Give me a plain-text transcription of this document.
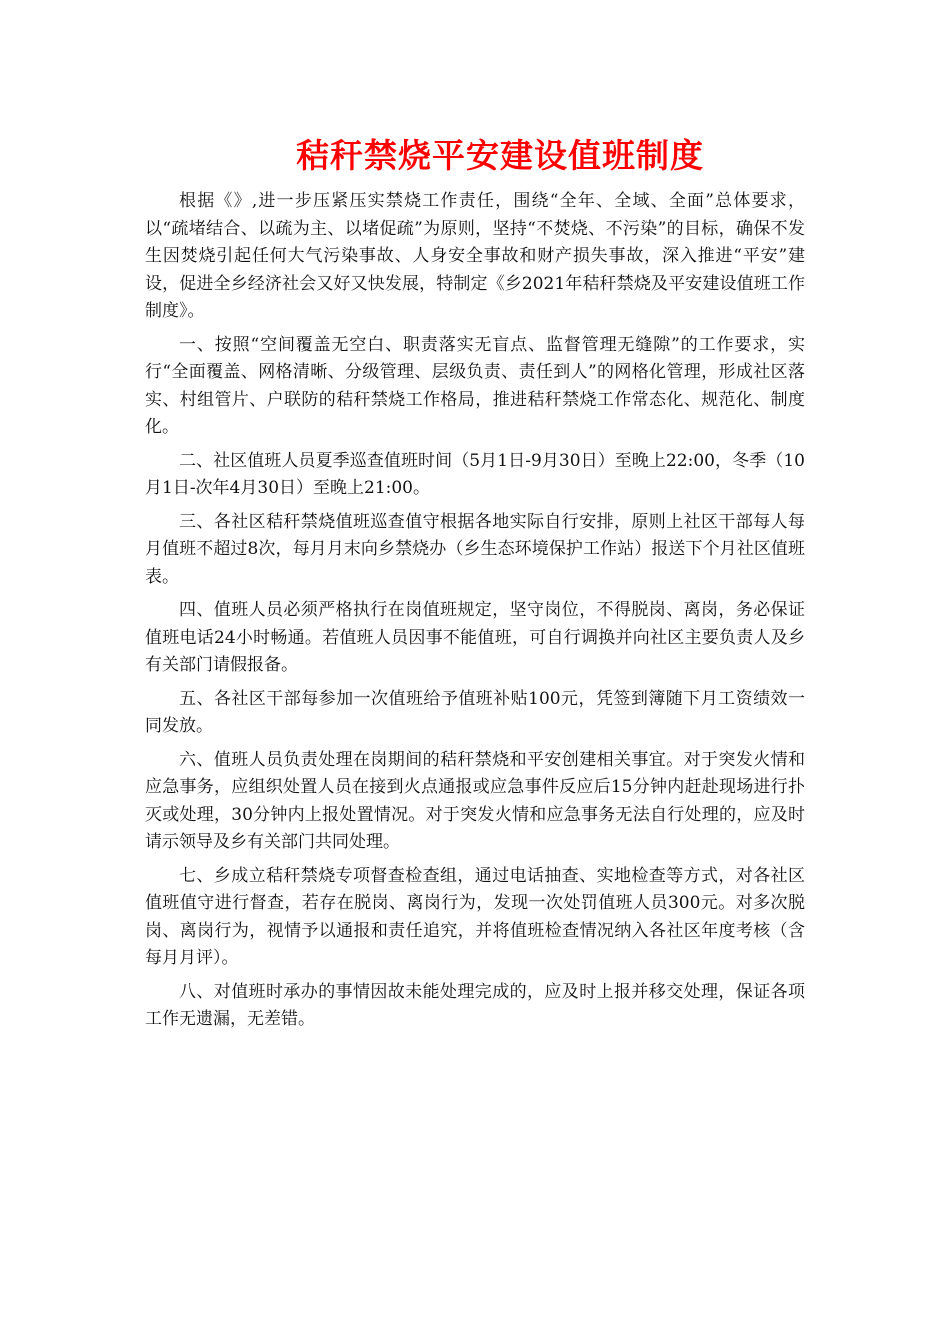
秸秆禁烧平安建设值班制度

根据《》,进一步压紧压实禁烧工作责任，围绕“全年、全域、全面”总体要求，以“疏堵结合、以疏为主、以堵促疏”为原则，坚持“不焚烧、不污染”的目标，确保不发生因焚烧引起任何大气污染事故、人身安全事故和财产损失事故，深入推进“平安”建设，促进全乡经济社会又好又快发展，特制定《乡2021年秸秆禁烧及平安建设值班工作制度》。

一、按照“空间覆盖无空白、职责落实无盲点、监督管理无缝隙”的工作要求，实行“全面覆盖、网格清晰、分级管理、层级负责、责任到人”的网格化管理，形成社区落实、村组管片、户联防的秸秆禁烧工作格局，推进秸秆禁烧工作常态化、规范化、制度化。

二、社区值班人员夏季巡查值班时间（5月1日-9月30日）至晚上22:00，冬季（10月1日-次年4月30日）至晚上21:00。

三、各社区秸秆禁烧值班巡查值守根据各地实际自行安排，原则上社区干部每人每月值班不超过8次，每月月末向乡禁烧办（乡生态环境保护工作站）报送下个月社区值班表。

四、值班人员必须严格执行在岗值班规定，坚守岗位，不得脱岗、离岗，务必保证值班电话24小时畅通。若值班人员因事不能值班，可自行调换并向社区主要负责人及乡有关部门请假报备。

五、各社区干部每参加一次值班给予值班补贴100元，凭签到簿随下月工资绩效一同发放。

六、值班人员负责处理在岗期间的秸秆禁烧和平安创建相关事宜。对于突发火情和应急事务，应组织处置人员在接到火点通报或应急事件反应后15分钟内赶赴现场进行扑灭或处理，30分钟内上报处置情况。对于突发火情和应急事务无法自行处理的，应及时请示领导及乡有关部门共同处理。

七、乡成立秸秆禁烧专项督查检查组，通过电话抽查、实地检查等方式，对各社区值班值守进行督查，若存在脱岗、离岗行为，发现一次处罚值班人员300元。对多次脱岗、离岗行为，视情予以通报和责任追究，并将值班检查情况纳入各社区年度考核（含每月月评）。

八、对值班时承办的事情因故未能处理完成的，应及时上报并移交处理，保证各项工作无遗漏，无差错。
